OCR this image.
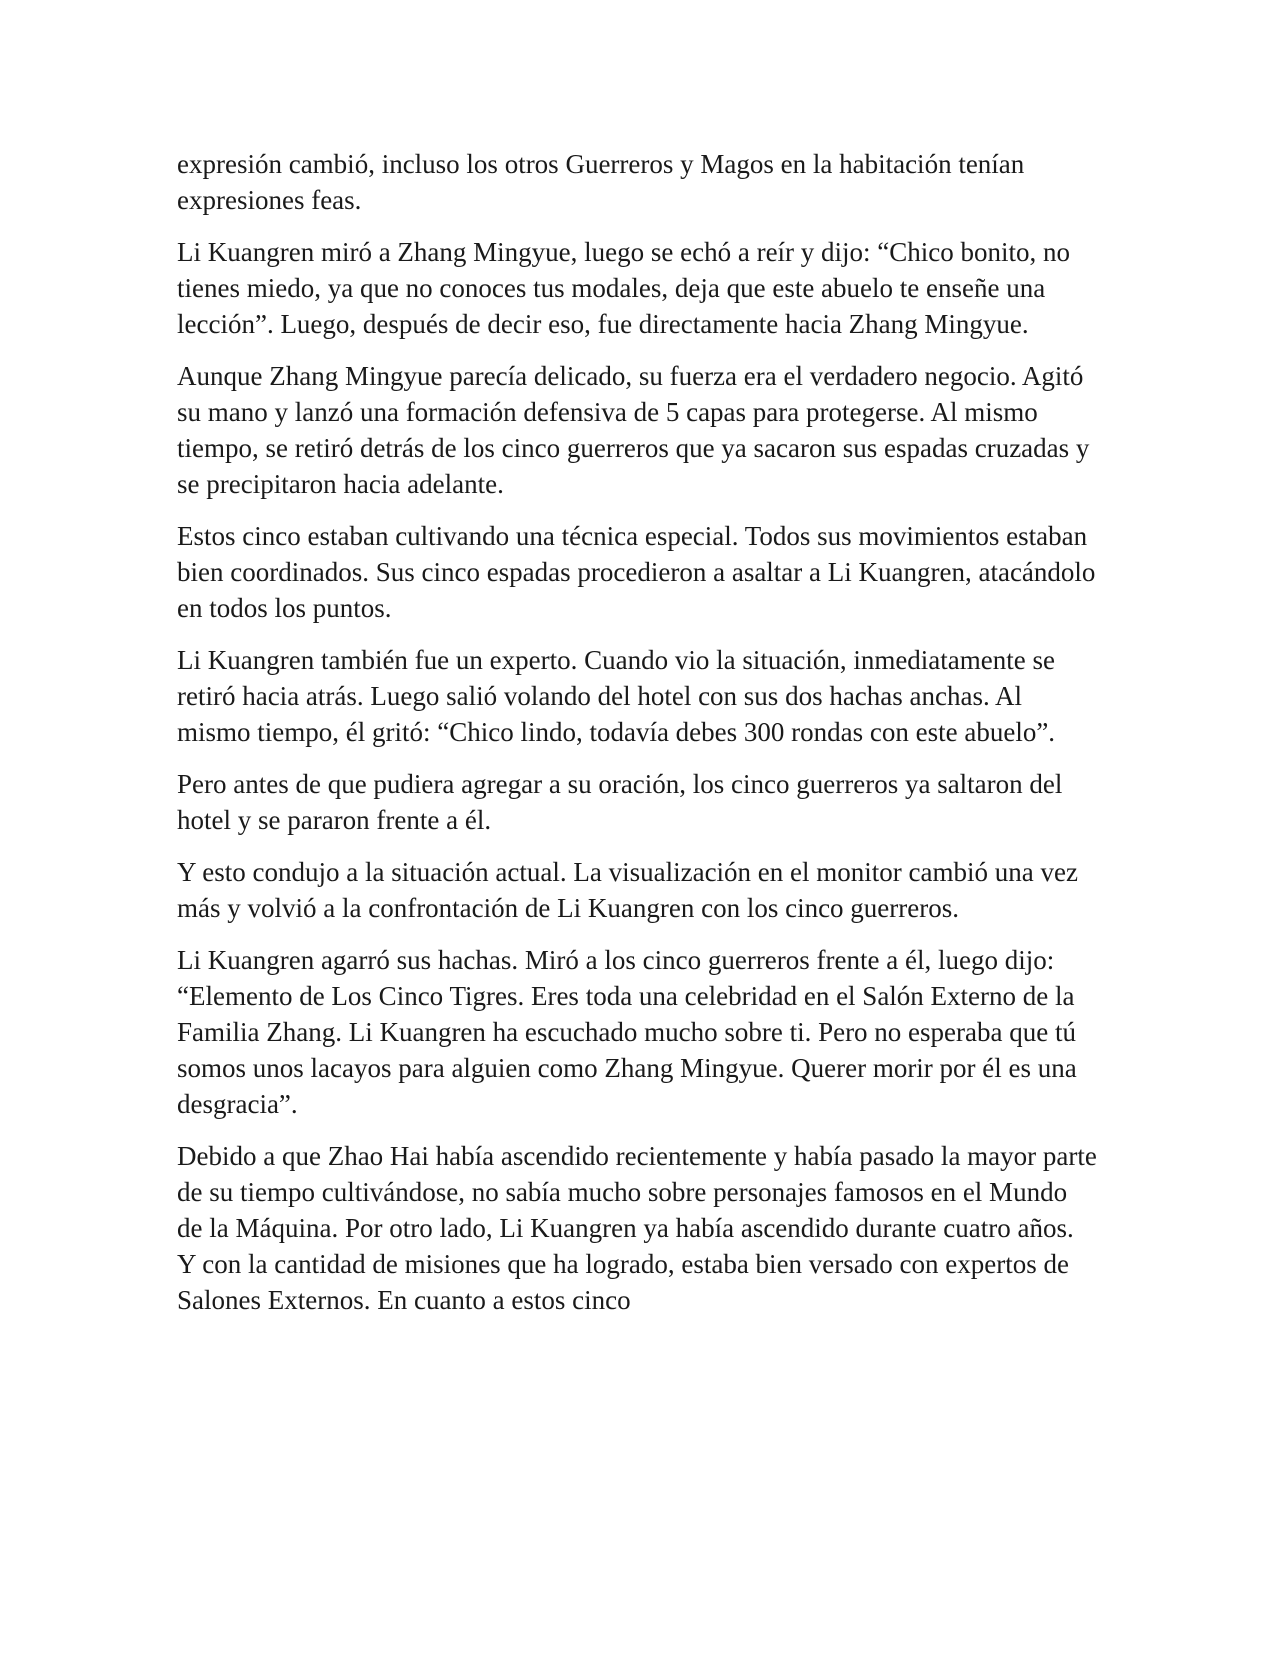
expresión cambió, incluso los otros Guerreros y Magos en la habitación tenían expresiones feas.

Li Kuangren miró a Zhang Mingyue, luego se echó a reír y dijo: “Chico bonito, no tienes miedo, ya que no conoces tus modales, deja que este abuelo te enseñe una lección”. Luego, después de decir eso, fue directamente hacia Zhang Mingyue.

Aunque Zhang Mingyue parecía delicado, su fuerza era el verdadero negocio. Agitó su mano y lanzó una formación defensiva de 5 capas para protegerse. Al mismo tiempo, se retiró detrás de los cinco guerreros que ya sacaron sus espadas cruzadas y se precipitaron hacia adelante.

Estos cinco estaban cultivando una técnica especial. Todos sus movimientos estaban bien coordinados. Sus cinco espadas procedieron a asaltar a Li Kuangren, atacándolo en todos los puntos.

Li Kuangren también fue un experto. Cuando vio la situación, inmediatamente se retiró hacia atrás. Luego salió volando del hotel con sus dos hachas anchas. Al mismo tiempo, él gritó: “Chico lindo, todavía debes 300 rondas con este abuelo”.

Pero antes de que pudiera agregar a su oración, los cinco guerreros ya saltaron del hotel y se pararon frente a él.

Y esto condujo a la situación actual. La visualización en el monitor cambió una vez más y volvió a la confrontación de Li Kuangren con los cinco guerreros.

Li Kuangren agarró sus hachas. Miró a los cinco guerreros frente a él, luego dijo: “Elemento de Los Cinco Tigres. Eres toda una celebridad en el Salón Externo de la Familia Zhang. Li Kuangren ha escuchado mucho sobre ti. Pero no esperaba que tú somos unos lacayos para alguien como Zhang Mingyue. Querer morir por él es una desgracia”.

Debido a que Zhao Hai había ascendido recientemente y había pasado la mayor parte de su tiempo cultivándose, no sabía mucho sobre personajes famosos en el Mundo de la Máquina. Por otro lado, Li Kuangren ya había ascendido durante cuatro años. Y con la cantidad de misiones que ha logrado, estaba bien versado con expertos de Salones Externos. En cuanto a estos cinco
